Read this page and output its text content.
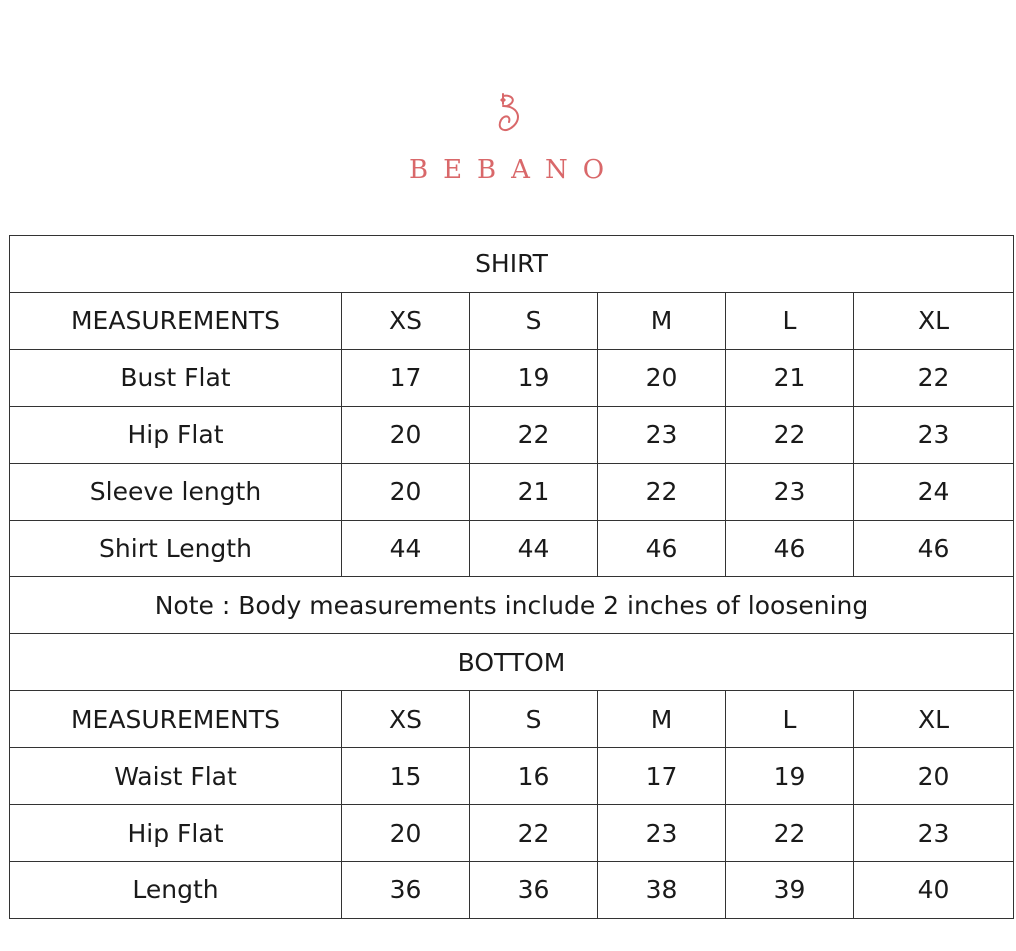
BEBANO
SHIRT					
MEASUREMENTS	XS	S	M	L	XL
Bust Flat	17	19	20	21	22
Hip Flat	20	22	23	22	23
Sleeve length	20	21	22	23	24
Shirt Length	44	44	46	46	46
Note : Body measurements include 2 inches of loosening					
BOTTOM					
MEASUREMENTS	XS	S	M	L	XL
Waist Flat	15	16	17	19	20
Hip Flat	20	22	23	22	23
Length	36	36	38	39	40
